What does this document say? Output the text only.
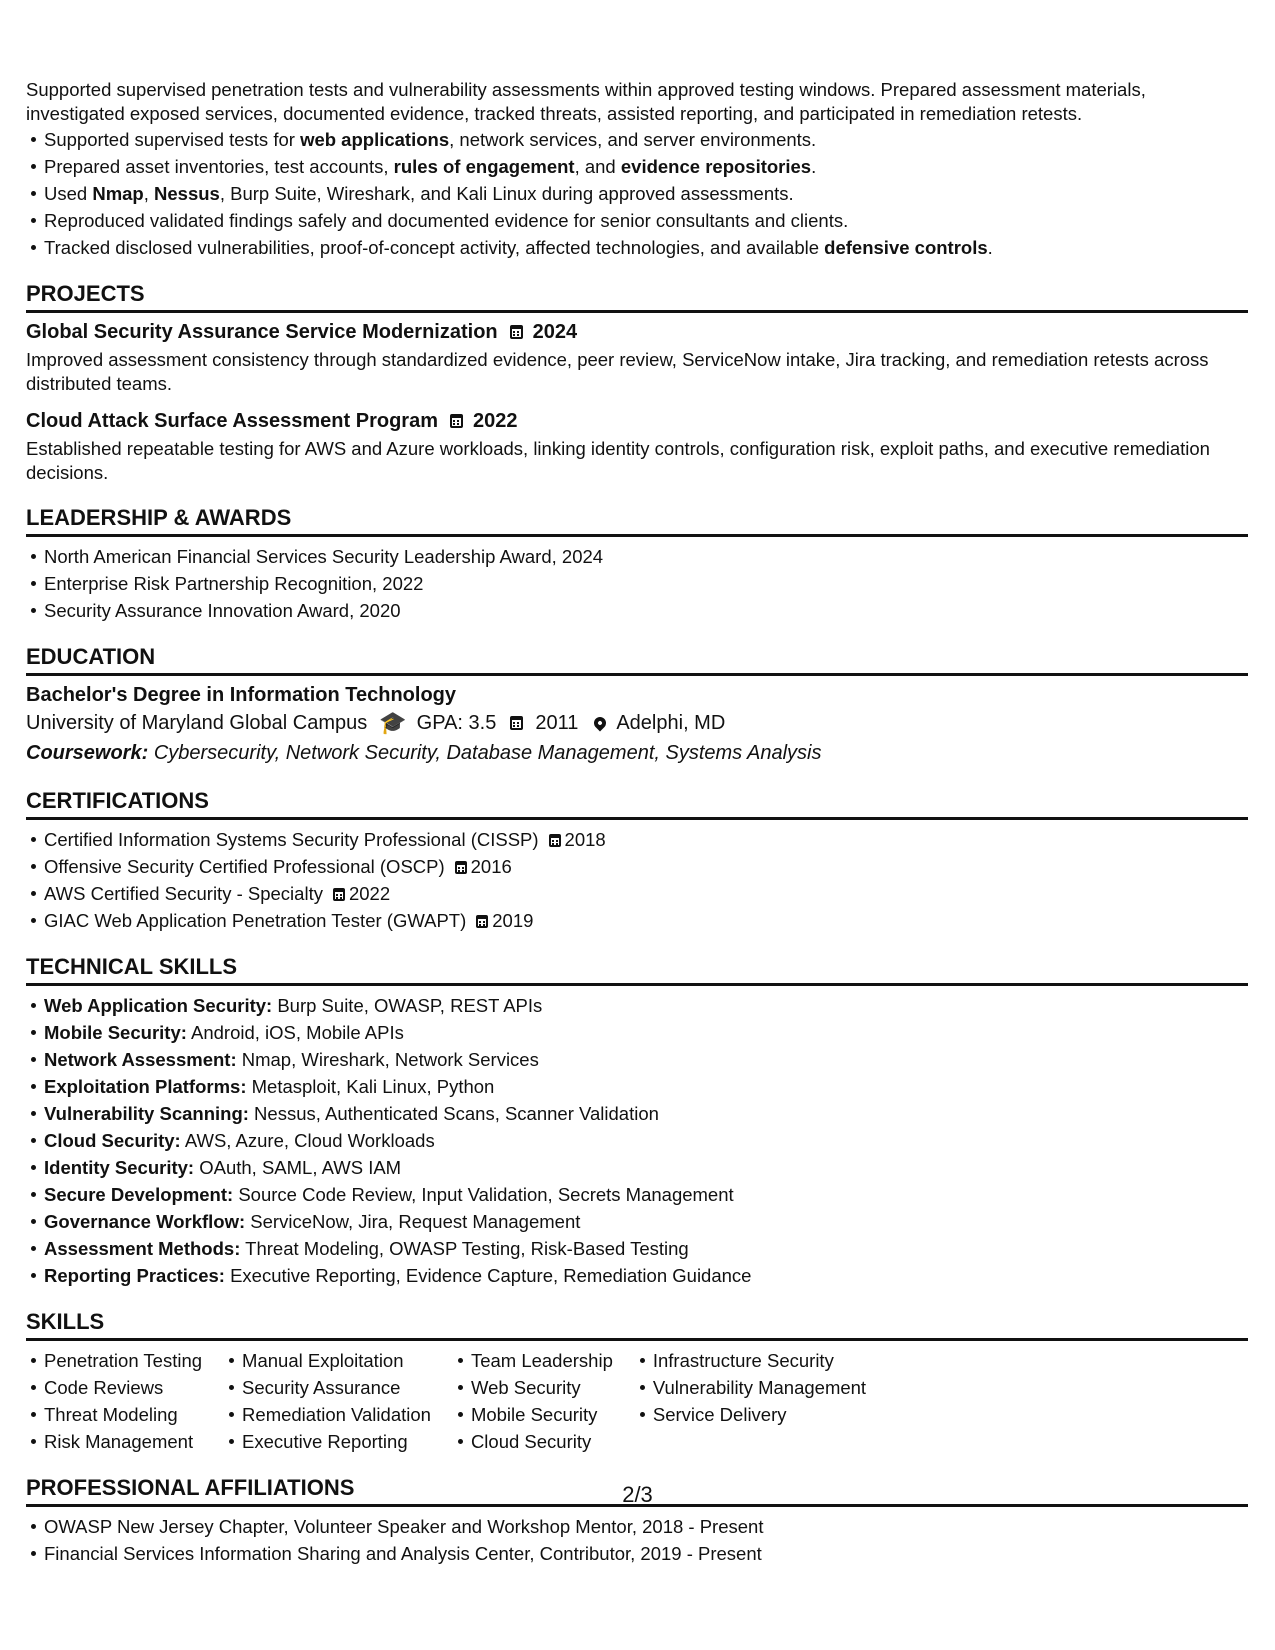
Supported supervised penetration tests and vulnerability assessments within approved testing windows. Prepared assessment materials, investigated exposed services, documented evidence, tracked threats, assisted reporting, and participated in remediation retests.

Supported supervised tests for web applications, network services, and server environments.
Prepared asset inventories, test accounts, rules of engagement, and evidence repositories.
Used Nmap, Nessus, Burp Suite, Wireshark, and Kali Linux during approved assessments.
Reproduced validated findings safely and documented evidence for senior consultants and clients.
Tracked disclosed vulnerabilities, proof-of-concept activity, affected technologies, and available defensive controls.
PROJECTS
Global Security Assurance Service Modernization 2024
Improved assessment consistency through standardized evidence, peer review, ServiceNow intake, Jira tracking, and remediation retests across distributed teams.
Cloud Attack Surface Assessment Program 2022
Established repeatable testing for AWS and Azure workloads, linking identity controls, configuration risk, exploit paths, and executive remediation decisions.
LEADERSHIP & AWARDS
North American Financial Services Security Leadership Award, 2024
Enterprise Risk Partnership Recognition, 2022
Security Assurance Innovation Award, 2020
EDUCATION
Bachelor's Degree in Information Technology
University of Maryland Global Campus 🎓 GPA: 3.5 2011 Adelphi, MD
Coursework: Cybersecurity, Network Security, Database Management, Systems Analysis
CERTIFICATIONS
Certified Information Systems Security Professional (CISSP) 2018
Offensive Security Certified Professional (OSCP) 2016
AWS Certified Security - Specialty 2022
GIAC Web Application Penetration Tester (GWAPT) 2019
TECHNICAL SKILLS
Web Application Security: Burp Suite, OWASP, REST APIs
Mobile Security: Android, iOS, Mobile APIs
Network Assessment: Nmap, Wireshark, Network Services
Exploitation Platforms: Metasploit, Kali Linux, Python
Vulnerability Scanning: Nessus, Authenticated Scans, Scanner Validation
Cloud Security: AWS, Azure, Cloud Workloads
Identity Security: OAuth, SAML, AWS IAM
Secure Development: Source Code Review, Input Validation, Secrets Management
Governance Workflow: ServiceNow, Jira, Request Management
Assessment Methods: Threat Modeling, OWASP Testing, Risk-Based Testing
Reporting Practices: Executive Reporting, Evidence Capture, Remediation Guidance
SKILLS
Penetration Testing
Code Reviews
Threat Modeling
Risk Management
Manual Exploitation
Security Assurance
Remediation Validation
Executive Reporting
Team Leadership
Web Security
Mobile Security
Cloud Security
Infrastructure Security
Vulnerability Management
Service Delivery
PROFESSIONAL AFFILIATIONS
OWASP New Jersey Chapter, Volunteer Speaker and Workshop Mentor, 2018 - Present
Financial Services Information Sharing and Analysis Center, Contributor, 2019 - Present
2/3
